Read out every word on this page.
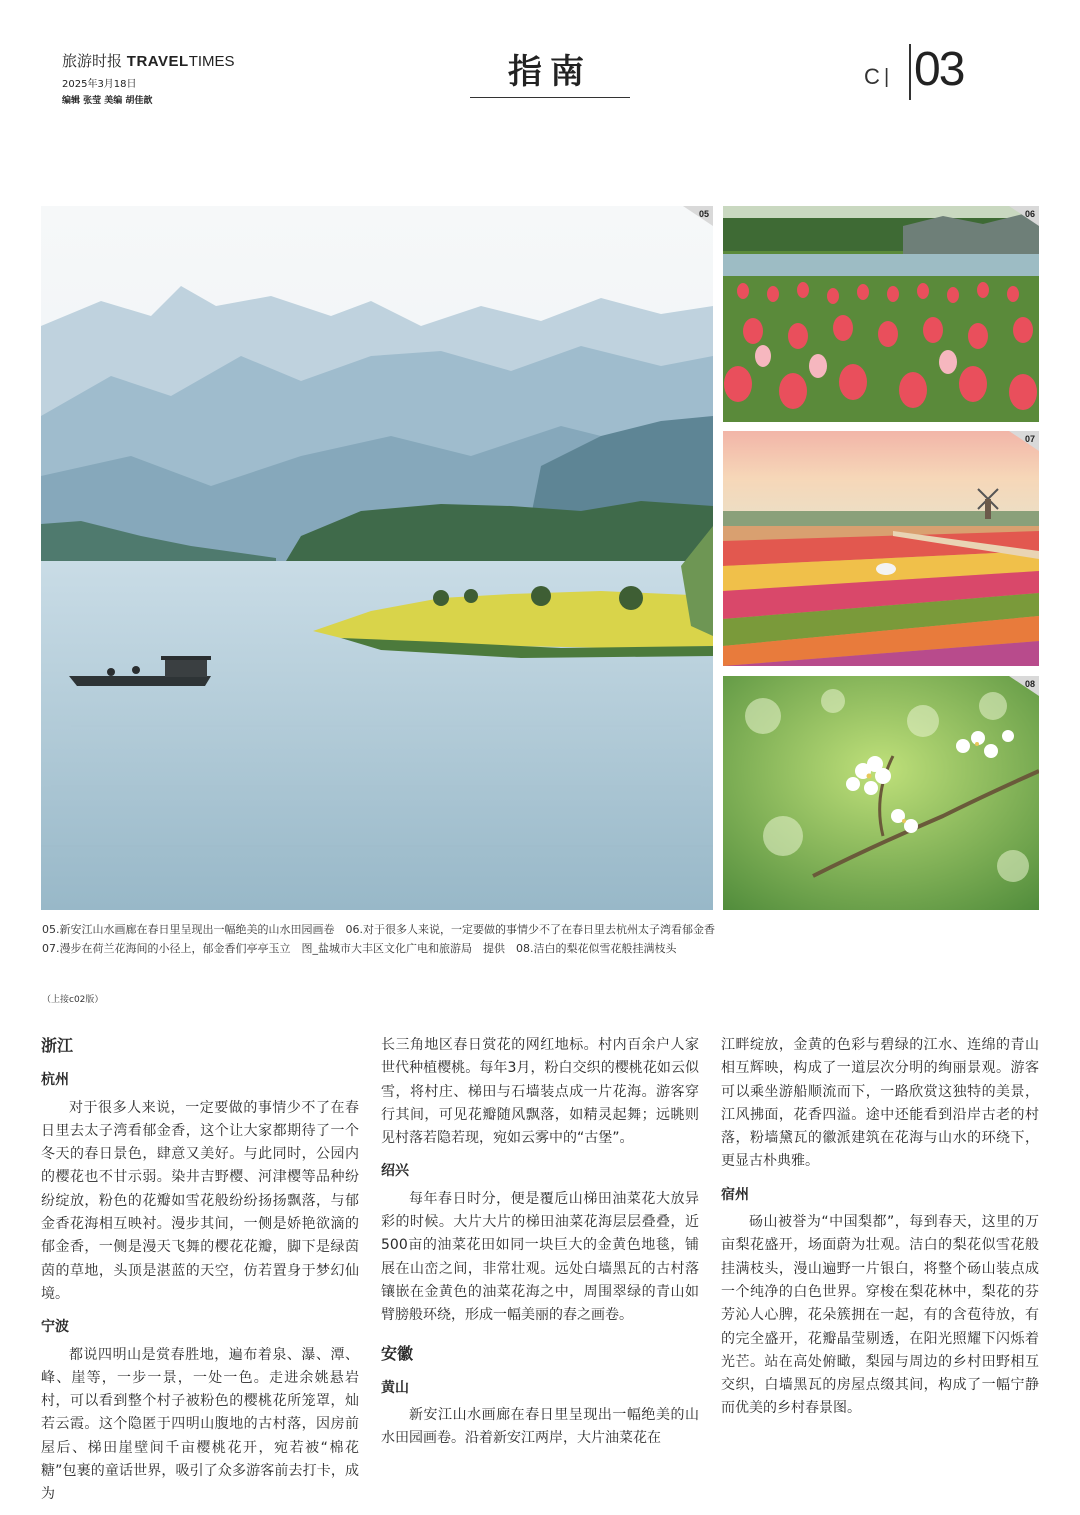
旅游时报 TRAVELTIMES
2025年3月18日
编辑 张莹 美编 胡佳歆
指南	C | 03
05	06
07
08
05.新安江山水画廊在春日里呈现出一幅绝美的山水田园画卷　06.对于很多人来说，一定要做的事情少不了在春日里去杭州太子湾看郁金香
07.漫步在荷兰花海间的小径上，郁金香们亭亭玉立　图_盐城市大丰区文化广电和旅游局　提供　08.洁白的梨花似雪花般挂满枝头
（上接c02版）
浙江
杭州

对于很多人来说，一定要做的事情少不了在春日里去太子湾看郁金香，这个让大家都期待了一个冬天的春日景色，肆意又美好。与此同时，公园内的樱花也不甘示弱。染井吉野樱、河津樱等品种纷纷绽放，粉色的花瓣如雪花般纷纷扬扬飘落，与郁金香花海相互映衬。漫步其间，一侧是娇艳欲滴的郁金香，一侧是漫天飞舞的樱花花瓣，脚下是绿茵茵的草地，头顶是湛蓝的天空，仿若置身于梦幻仙境。

宁波

都说四明山是赏春胜地，遍布着泉、瀑、潭、峰、崖等，一步一景，一处一色。走进余姚悬岩村，可以看到整个村子被粉色的樱桃花所笼罩，灿若云霞。这个隐匿于四明山腹地的古村落，因房前屋后、梯田崖壁间千亩樱桃花开，宛若被“棉花糖”包裹的童话世界，吸引了众多游客前去打卡，成为

长三角地区春日赏花的网红地标。村内百余户人家世代种植樱桃。每年3月，粉白交织的樱桃花如云似雪，将村庄、梯田与石墙装点成一片花海。游客穿行其间，可见花瓣随风飘落，如精灵起舞；远眺则见村落若隐若现，宛如云雾中的“古堡”。

绍兴

每年春日时分，便是覆卮山梯田油菜花大放异彩的时候。大片大片的梯田油菜花海层层叠叠，近500亩的油菜花田如同一块巨大的金黄色地毯，铺展在山峦之间，非常壮观。远处白墙黑瓦的古村落镶嵌在金黄色的油菜花海之中，周围翠绿的青山如臂膀般环绕，形成一幅美丽的春之画卷。

安徽
黄山

新安江山水画廊在春日里呈现出一幅绝美的山水田园画卷。沿着新安江两岸，大片油菜花在

江畔绽放，金黄的色彩与碧绿的江水、连绵的青山相互辉映，构成了一道层次分明的绚丽景观。游客可以乘坐游船顺流而下，一路欣赏这独特的美景，江风拂面，花香四溢。途中还能看到沿岸古老的村落，粉墙黛瓦的徽派建筑在花海与山水的环绕下，更显古朴典雅。

宿州

砀山被誉为“中国梨都”，每到春天，这里的万亩梨花盛开，场面蔚为壮观。洁白的梨花似雪花般挂满枝头，漫山遍野一片银白，将整个砀山装点成一个纯净的白色世界。穿梭在梨花林中，梨花的芬芳沁人心脾，花朵簇拥在一起，有的含苞待放，有的完全盛开，花瓣晶莹剔透，在阳光照耀下闪烁着光芒。站在高处俯瞰，梨园与周边的乡村田野相互交织，白墙黑瓦的房屋点缀其间，构成了一幅宁静而优美的乡村春景图。
